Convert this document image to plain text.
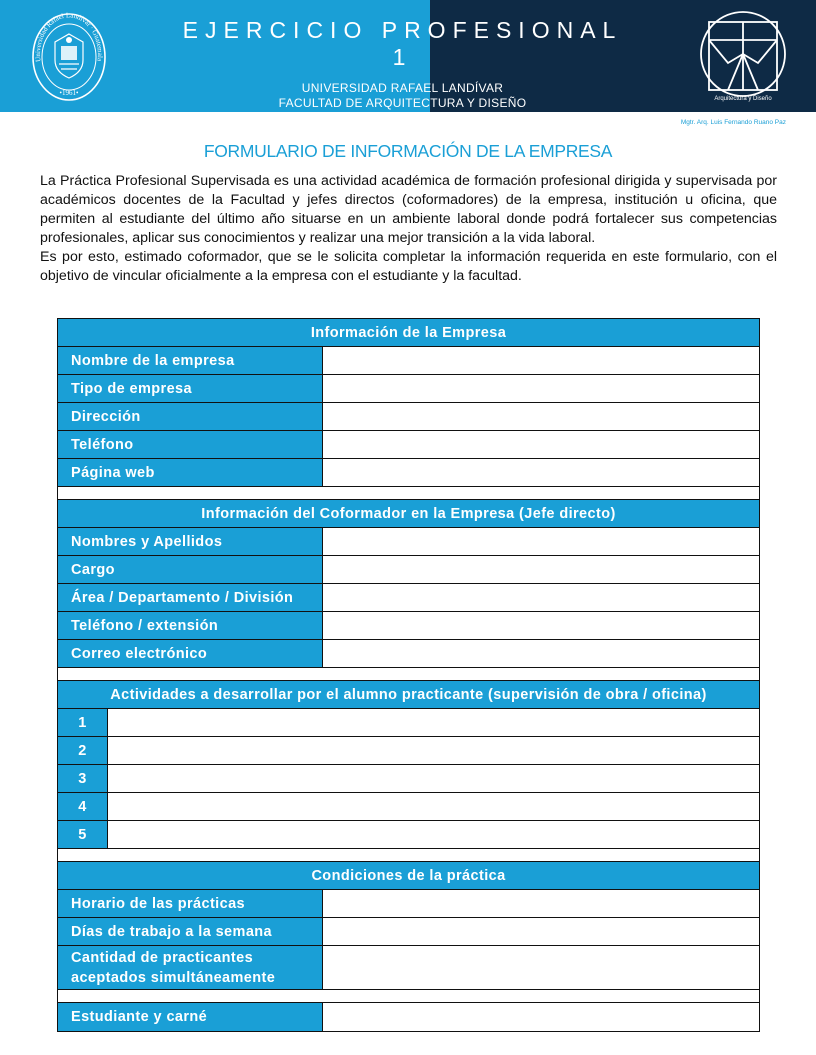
Universidad Rafael Landívar · Guatemala
•1961•
EJERCICIO PROFESIONAL 1
UNIVERSIDAD RAFAEL LANDÍVAR
FACULTAD DE ARQUITECTURA Y DISEÑO
PRIMER SEMESTRE 2024
Arquitectura y Diseño
Mgtr. Arq. Luis Fernando Ruano Paz
FORMULARIO DE INFORMACIÓN DE LA EMPRESA

La Práctica Profesional Supervisada es una actividad académica de formación profesional dirigida y supervisada por académicos docentes de la Facultad y jefes directos (coformadores) de la empresa, institución u oficina, que permiten al estudiante del último año situarse en un ambiente laboral donde podrá fortalecer sus competencias profesionales, aplicar sus conocimientos y realizar una mejor transición a la vida laboral.

Es por esto, estimado coformador, que se le solicita completar la información requerida en este formulario, con el objetivo de vincular oficialmente a la empresa con el estudiante y la facultad.

Información de la Empresa
Nombre de la empresa
Tipo de empresa
Dirección
Teléfono
Página web
Información del Coformador en la Empresa (Jefe directo)
Nombres y Apellidos
Cargo
Área / Departamento / División
Teléfono / extensión
Correo electrónico
Actividades a desarrollar por el alumno practicante (supervisión de obra / oficina)
1
2
3
4
5
Condiciones de la práctica
Horario de las prácticas
Días de trabajo a la semana
Cantidad de practicantes aceptados simultáneamente
Estudiante y carné
